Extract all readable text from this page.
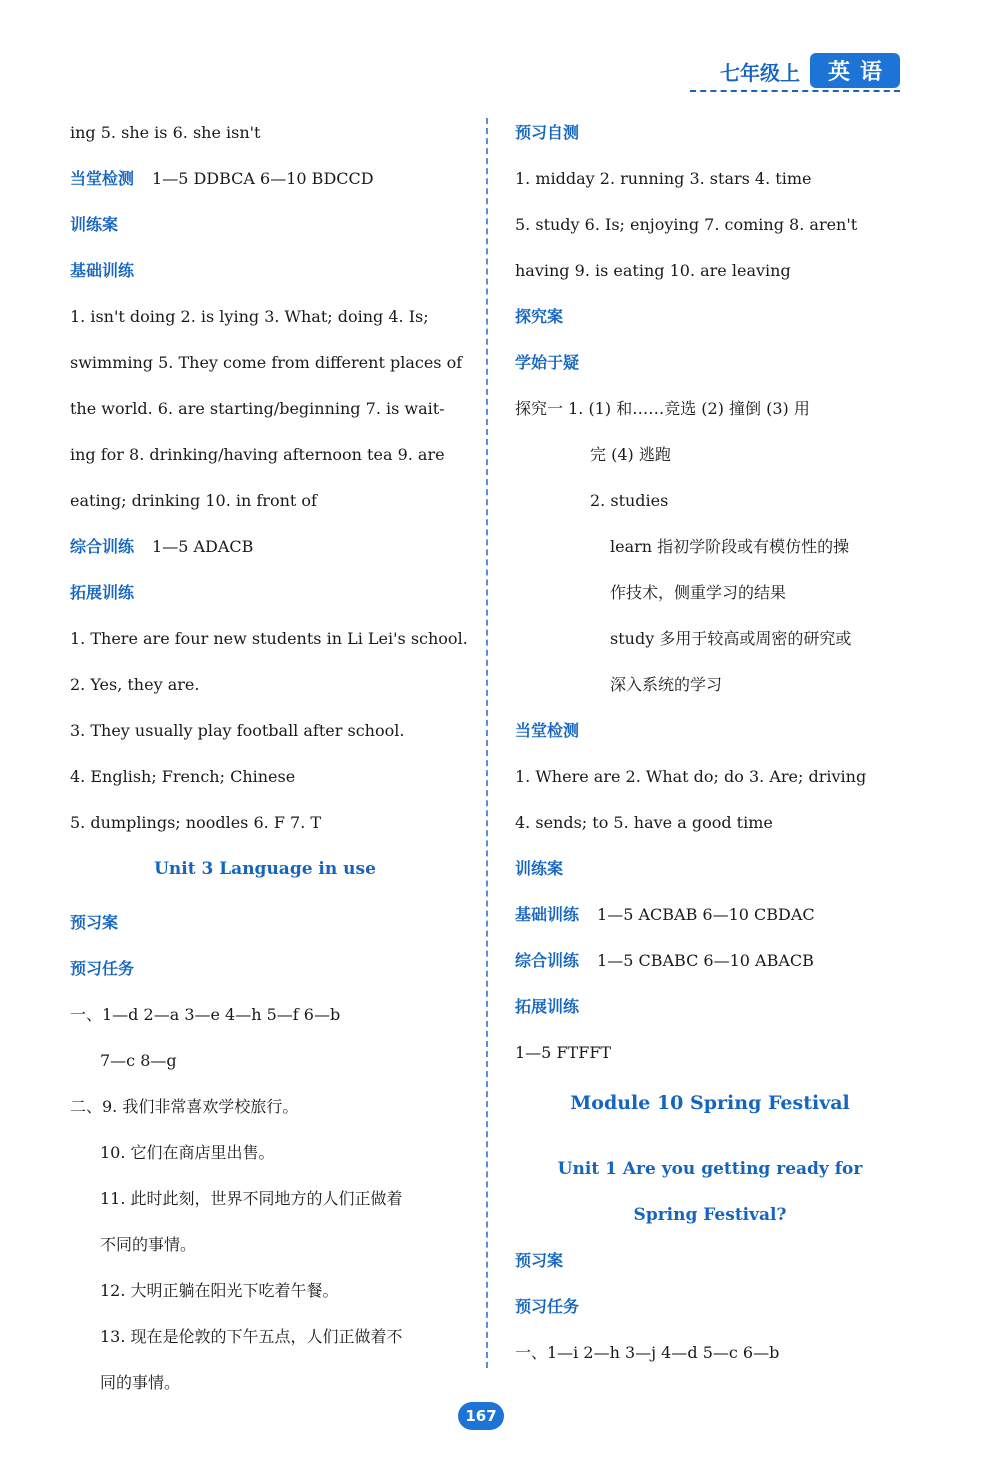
七年级上	英语
ing 5. she is 6. she isn't
当堂检测 1—5 DDBCA 6—10 BDCCD
训练案
基础训练
1. isn't doing 2. is lying 3. What; doing 4. Is;
swimming 5. They come from different places of
the world. 6. are starting/beginning 7. is wait-
ing for 8. drinking/having afternoon tea 9. are
eating; drinking 10. in front of
综合训练 1—5 ADACB
拓展训练
1. There are four new students in Li Lei's school.
2. Yes, they are.
3. They usually play football after school.
4. English; French; Chinese
5. dumplings; noodles 6. F 7. T
Unit 3 Language in use
预习案
预习任务
一、1—d 2—a 3—e 4—h 5—f 6—b
7—c 8—g
二、9. 我们非常喜欢学校旅行。
10. 它们在商店里出售。
11. 此时此刻，世界不同地方的人们正做着
不同的事情。
12. 大明正躺在阳光下吃着午餐。
13. 现在是伦敦的下午五点，人们正做着不
同的事情。
预习自测
1. midday 2. running 3. stars 4. time
5. study 6. Is; enjoying 7. coming 8. aren't
having 9. is eating 10. are leaving
探究案
学始于疑
探究一 1. (1) 和……竞选 (2) 撞倒 (3) 用
完 (4) 逃跑
2. studies
learn 指初学阶段或有模仿性的操
作技术，侧重学习的结果
study 多用于较高或周密的研究或
深入系统的学习
当堂检测
1. Where are 2. What do; do 3. Are; driving
4. sends; to 5. have a good time
训练案
基础训练 1—5 ACBAB 6—10 CBDAC
综合训练 1—5 CBABC 6—10 ABACB
拓展训练
1—5 FTFFT
Module 10 Spring Festival
Unit 1 Are you getting ready for
Spring Festival?
预习案
预习任务
一、1—i 2—h 3—j 4—d 5—c 6—b
167
